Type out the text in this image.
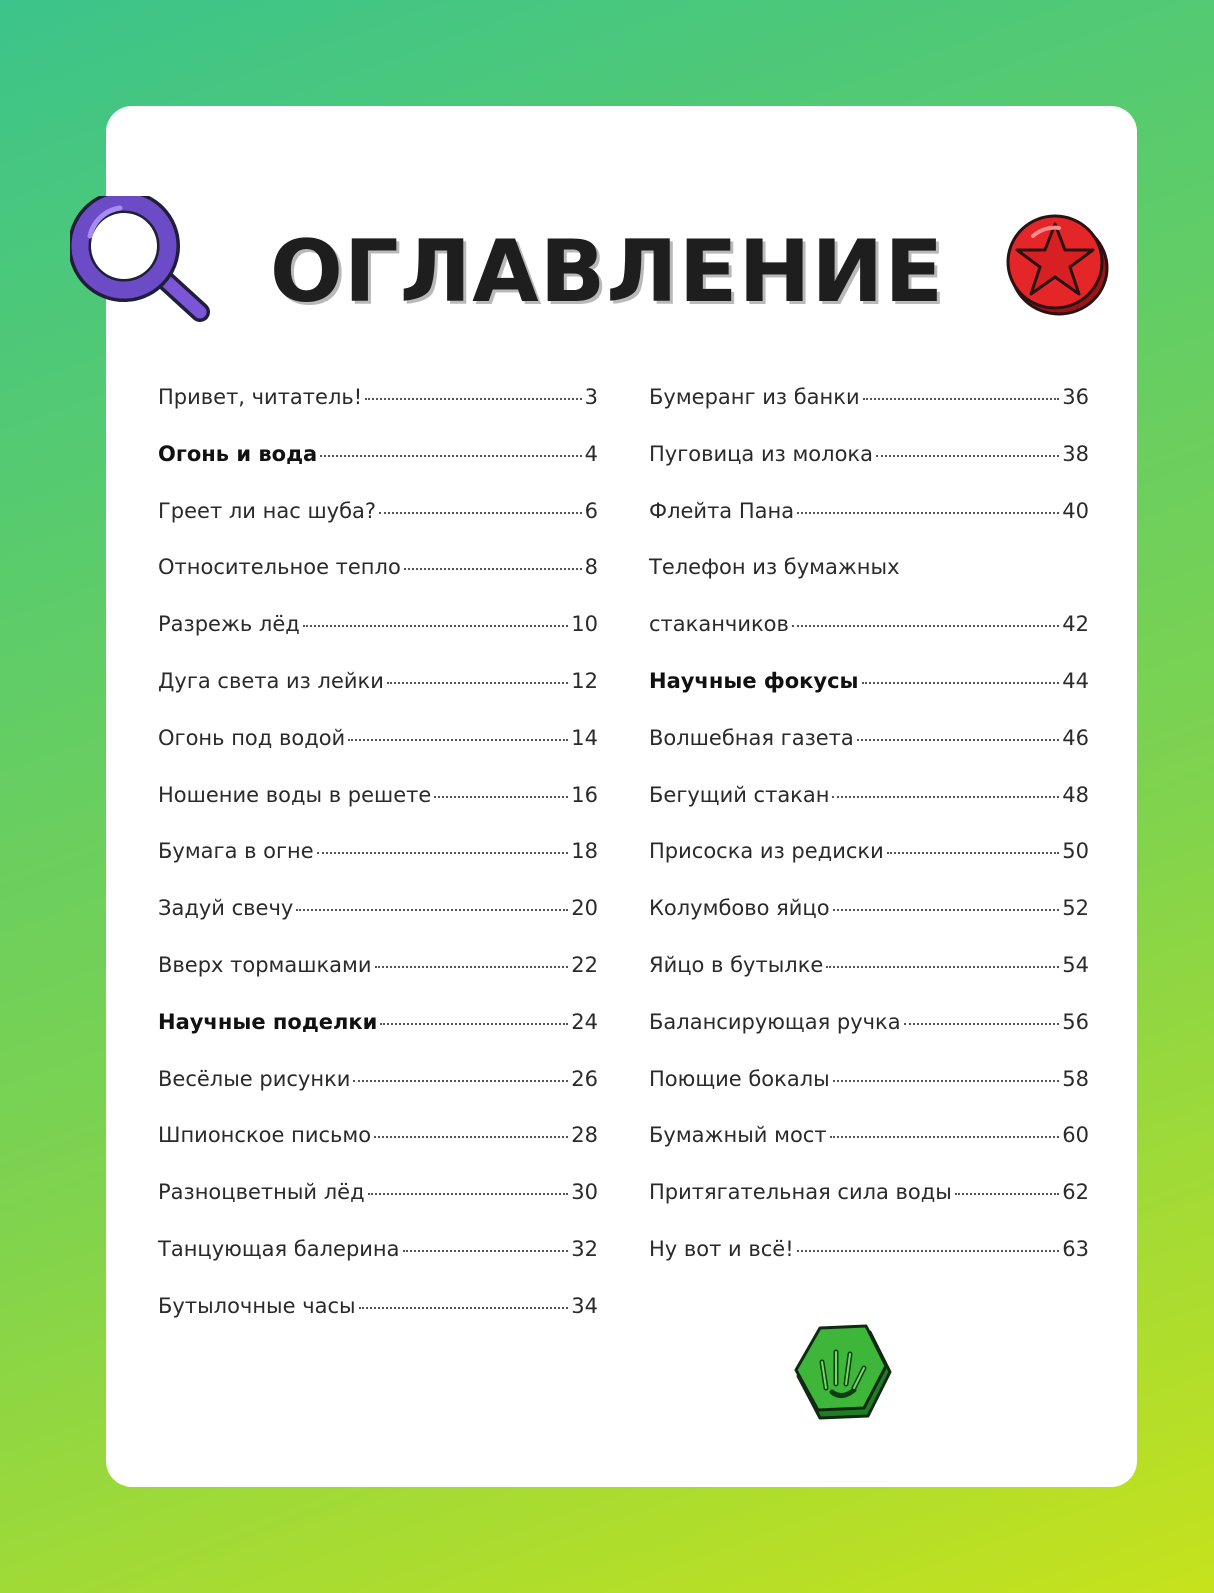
ОГЛАВЛЕНИЕ
Привет, читатель!	3
Огонь и вода	4
Греет ли нас шуба?	6
Относительное тепло	8
Разрежь лёд	10
Дуга света из лейки	12
Огонь под водой	14
Ношение воды в решете	16
Бумага в огне	18
Задуй свечу	20
Вверх тормашками	22
Научные поделки	24
Весёлые рисунки	26
Шпионское письмо	28
Разноцветный лёд	30
Танцующая балерина	32
Бутылочные часы	34
Бумеранг из банки	36
Пуговица из молока	38
Флейта Пана	40
Телефон из бумажных
стаканчиков	42
Научные фокусы	44
Волшебная газета	46
Бегущий стакан	48
Присоска из редиски	50
Колумбово яйцо	52
Яйцо в бутылке	54
Балансирующая ручка	56
Поющие бокалы	58
Бумажный мост	60
Притягательная сила воды	62
Ну вот и всё!	63
